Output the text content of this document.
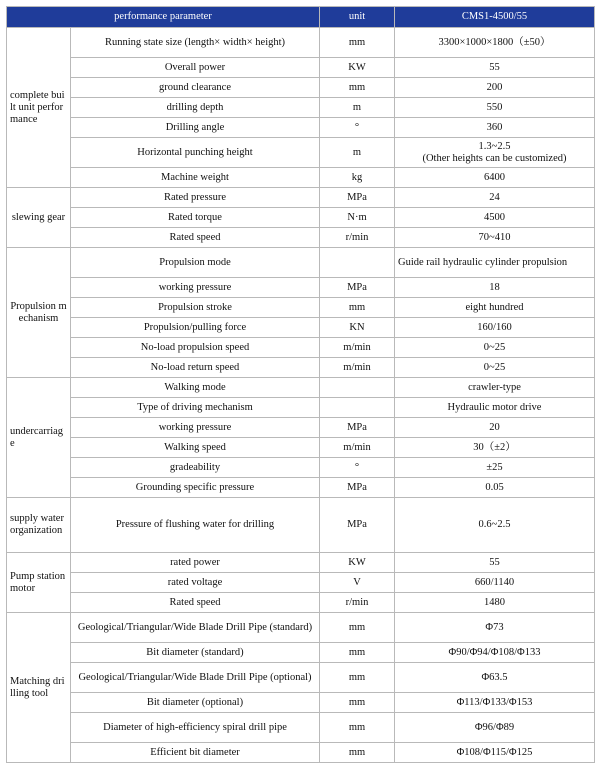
performance parameter		unit	CMS1-4500/55

complete built unit performance	Running state size (length× width× height)	mm	3300×1000×1800（±50）
	Overall power	KW	55
	ground clearance	mm	200
	drilling depth	m	550
	Drilling angle	°	360
	Horizontal punching height	m	1.3~2.5
(Other heights can be customized)
	Machine weight	kg	6400

slewing gear	Rated pressure	MPa	24
	Rated torque	N·m	4500
	Rated speed	r/min	70~410

Propulsion mechanism	Propulsion mode		Guide rail hydraulic cylinder propulsion
	working pressure	MPa	18
	Propulsion stroke	mm	eight hundred
	Propulsion/pulling force	KN	160/160
	No-load propulsion speed	m/min	0~25
	No-load return speed	m/min	0~25

undercarriage	Walking mode		crawler-type
	Type of driving mechanism		Hydraulic motor drive
	working pressure	MPa	20
	Walking speed	m/min	30（±2）
	gradeability	°	±25
	Grounding specific pressure	MPa	0.05

supply water organization	Pressure of flushing water for drilling	MPa	0.6~2.5

Pump station motor	rated power	KW	55
	rated voltage	V	660/1140
	Rated speed	r/min	1480

Matching drilling tool	Geological/Triangular/Wide Blade Drill Pipe (standard)	mm	Φ73
	Bit diameter (standard)	mm	Φ90/Φ94/Φ108/Φ133
	Geological/Triangular/Wide Blade Drill Pipe (optional)	mm	Φ63.5
	Bit diameter (optional)	mm	Φ113/Φ133/Φ153
	Diameter of high-efficiency spiral drill pipe	mm	Φ96/Φ89
	Efficient bit diameter	mm	Φ108/Φ115/Φ125
